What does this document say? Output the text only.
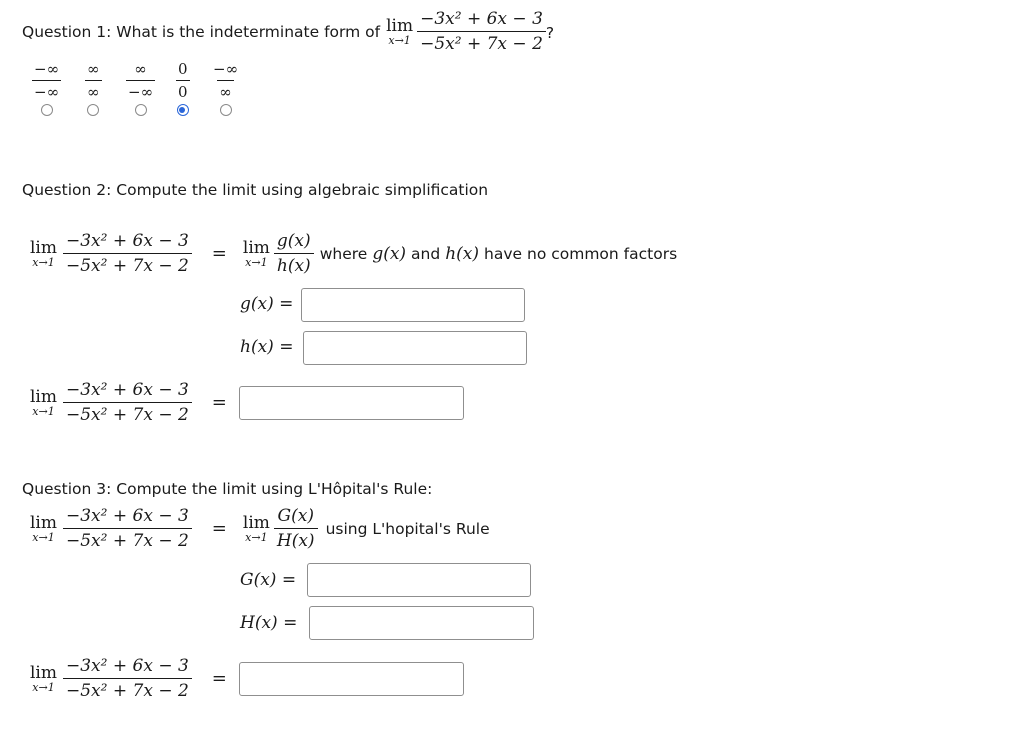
Question 1: What is the indeterminate form of lim
$x\to 1 \frac{\text{−3x² + 6x − 3}}{\text{−5x² + 7x − 2}}$ ?
$\frac{-\infty}{-\infty} \frac{\infty}{\infty} \frac{\infty}{-\infty} \frac{0}{0} \frac{-\infty}{\infty}$
Question 2: Compute the limit using algebraic simplification
lim
$x\to 1 \frac{\text{−3x² + 6x − 3}}{\text{−5x² + 7x − 2}} = \lim$
$x\to 1 \frac{g(x)}{h(x)}$ where g(x) and h(x) have no common factors
g(x) =
h(x) =
lim
$x\to 1 \frac{\text{−3x² + 6x − 3}}{\text{−5x² + 7x − 2}}$ =
Question 3: Compute the limit using L'Hôpital's Rule:
lim
$x\to 1 \frac{\text{−3x² + 6x − 3}}{\text{−5x² + 7x − 2}} = \lim$
$x\to 1 \frac{G(x)}{H(x)}$ using L'hopital's Rule
G(x) =
H(x) =
lim
$x\to 1 \frac{\text{−3x² + 6x − 3}}{\text{−5x² + 7x − 2}}$ =
